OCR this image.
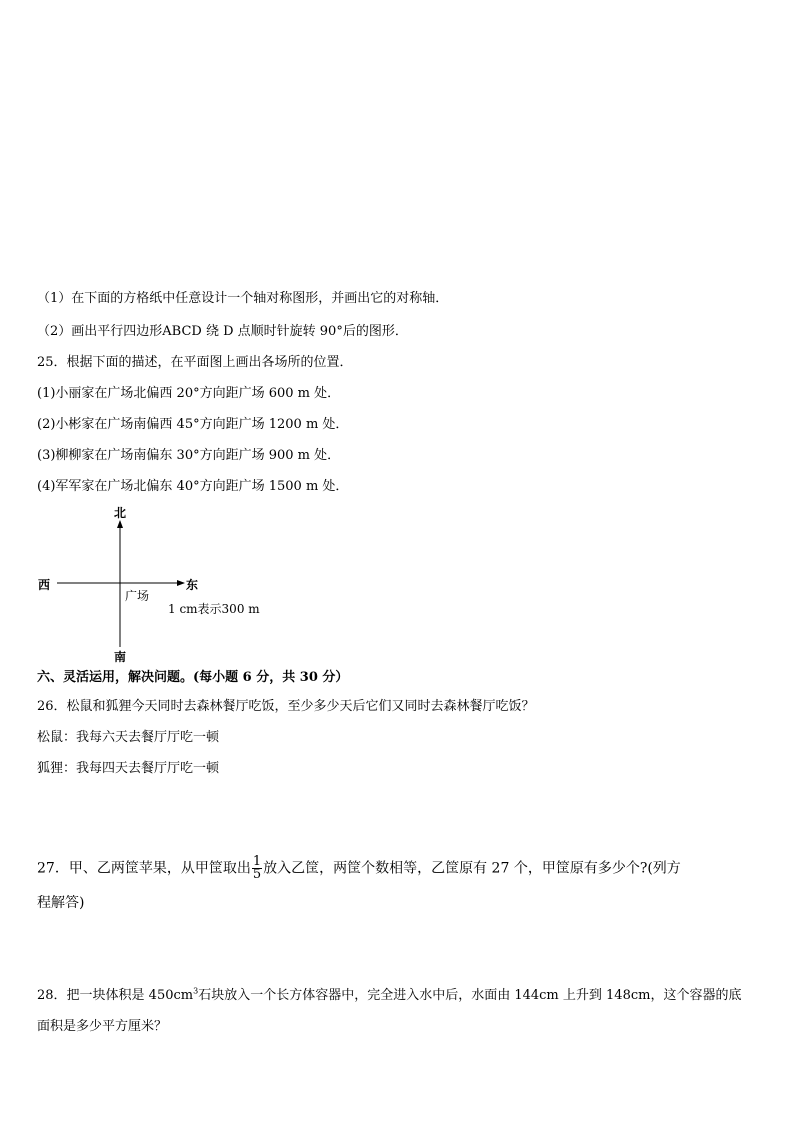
（1）在下面的方格纸中任意设计一个轴对称图形，并画出它的对称轴．

（2）画出平行四边形ABCD 绕 D 点顺时针旋转 90°后的图形．

25．根据下面的描述，在平面图上画出各场所的位置．

(1)小丽家在广场北偏西 20°方向距广场 600 m 处．

(2)小彬家在广场南偏西 45°方向距广场 1200 m 处．

(3)柳柳家在广场南偏东 30°方向距广场 900 m 处．

(4)军军家在广场北偏东 40°方向距广场 1500 m 处．

北
西	东
广场
1 cm表示300 m
南

六、灵活运用，解决问题。(每小题 6 分，共 30 分）

26．松鼠和狐狸今天同时去森林餐厅吃饭，至少多少天后它们又同时去森林餐厅吃饭？

松鼠：我每六天去餐厅厅吃一顿

狐狸：我每四天去餐厅厅吃一顿

27．甲、乙两筐苹果，从甲筐取出 $\frac{1}{5}$ 放入乙筐，两筐个数相等，乙筐原有 27 个，甲筐原有多少个?(列方

程解答)

28．把一块体积是 $450cm^3$石块放入一个长方体容器中，完全进入水中后，水面由 144cm 上升到 148cm，这个容器的底

面积是多少平方厘米？
